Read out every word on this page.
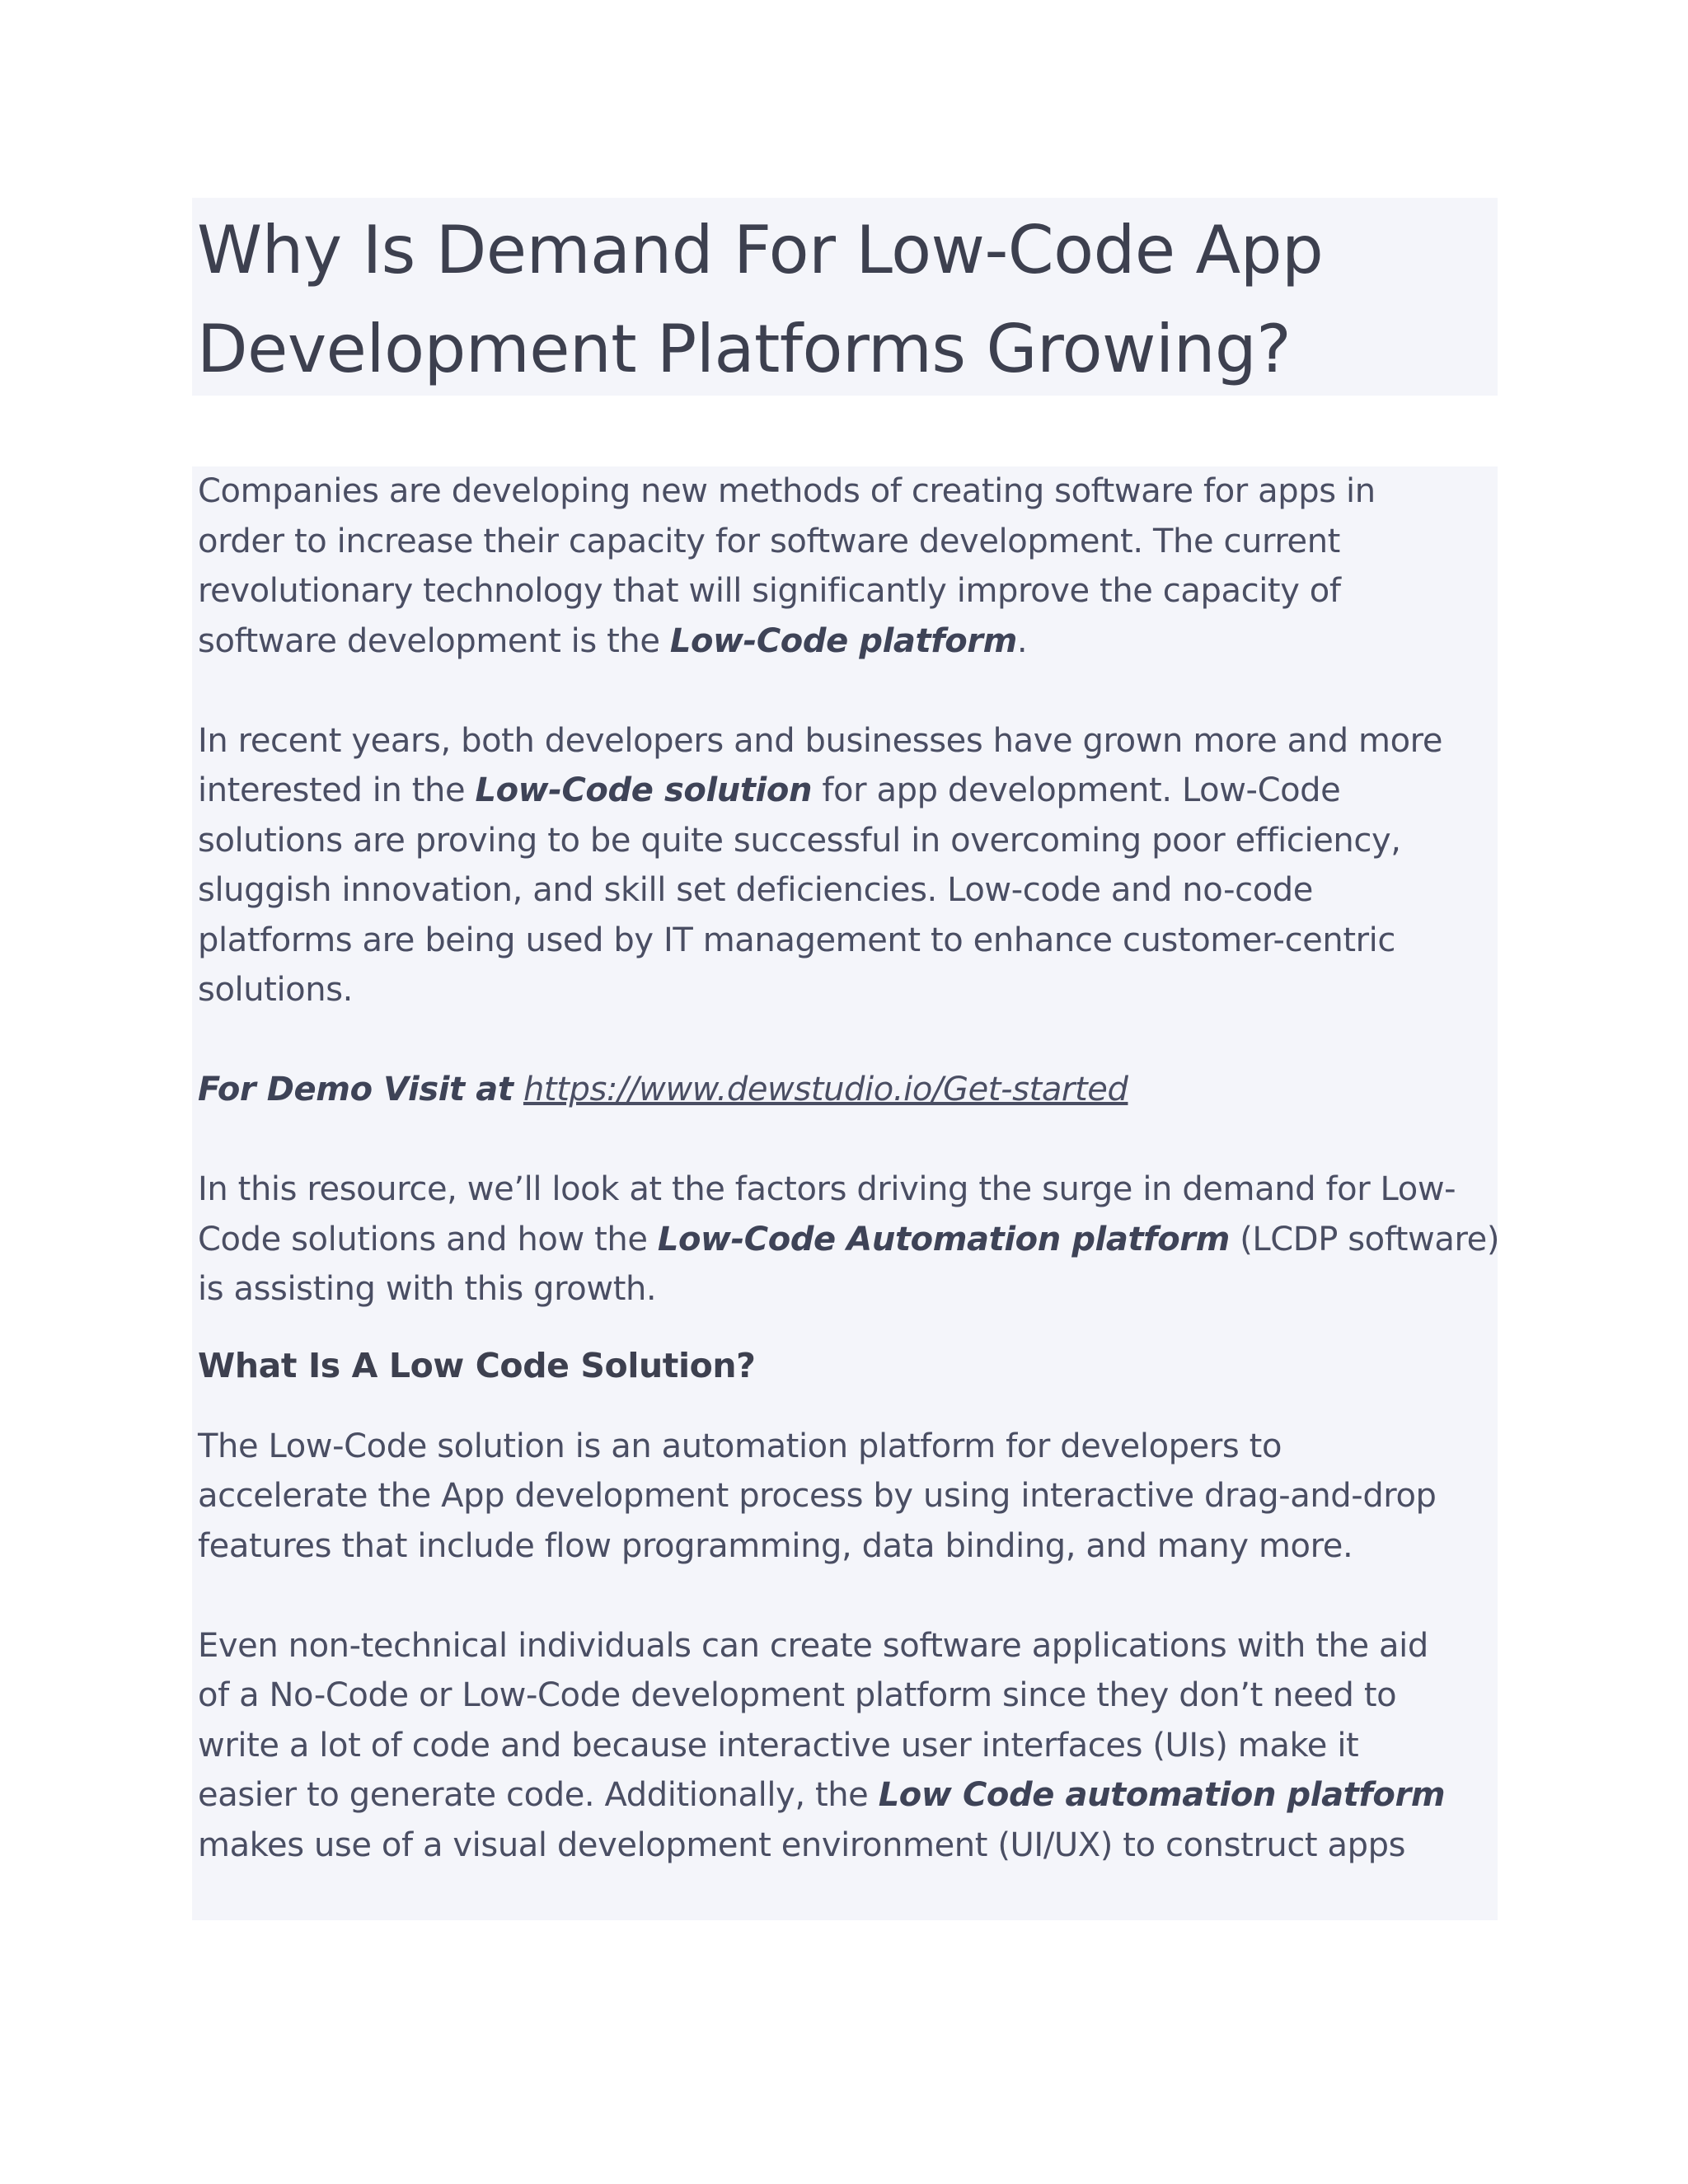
Why Is Demand For Low-Code App
Development Platforms Growing?
Companies are developing new methods of creating software for apps in
order to increase their capacity for software development. The current
revolutionary technology that will significantly improve the capacity of
software development is the Low-Code platform.
In recent years, both developers and businesses have grown more and more
interested in the Low-Code solution for app development. Low-Code
solutions are proving to be quite successful in overcoming poor efficiency,
sluggish innovation, and skill set deficiencies. Low-code and no-code
platforms are being used by IT management to enhance customer-centric
solutions.
For Demo Visit at https://www.dewstudio.io/Get-started
In this resource, we’ll look at the factors driving the surge in demand for Low-
Code solutions and how the Low-Code Automation platform (LCDP software)
is assisting with this growth.
What Is A Low Code Solution?
The Low-Code solution is an automation platform for developers to
accelerate the App development process by using interactive drag-and-drop
features that include flow programming, data binding, and many more.
Even non-technical individuals can create software applications with the aid
of a No-Code or Low-Code development platform since they don’t need to
write a lot of code and because interactive user interfaces (UIs) make it
easier to generate code. Additionally, the Low Code automation platform
makes use of a visual development environment (UI/UX) to construct apps
